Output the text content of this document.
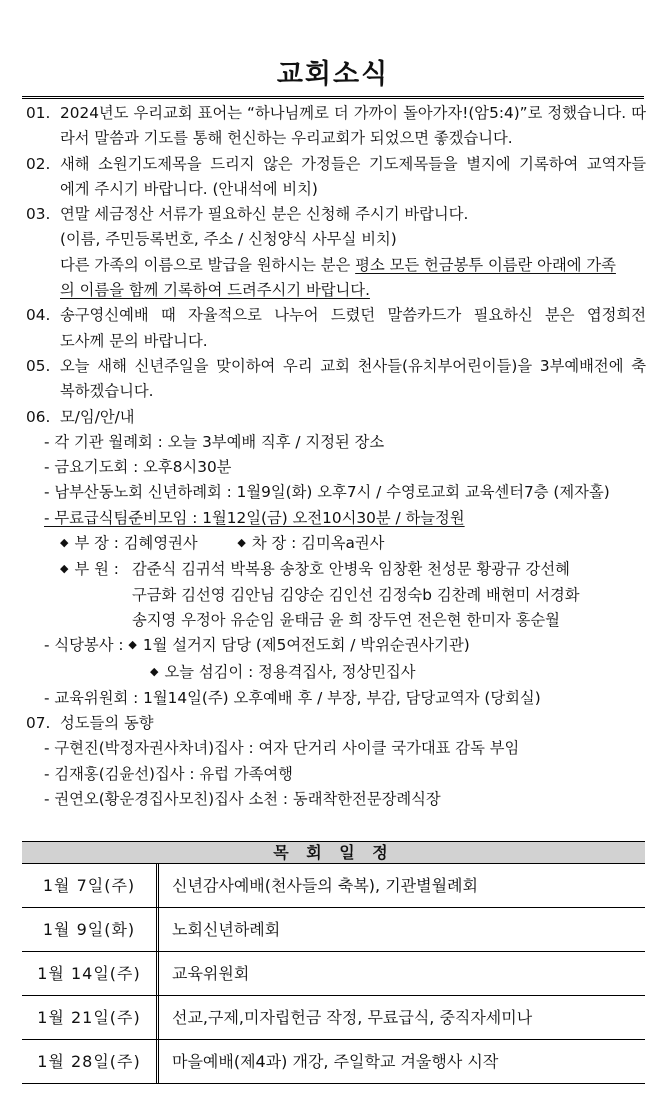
교회소식
01. 2024년도 우리교회 표어는 “하나님께로 더 가까이 돌아가자!(암5:4)”로 정했습니다. 따
라서 말씀과 기도를 통해 헌신하는 우리교회가 되었으면 좋겠습니다.
02. 새해 소원기도제목을 드리지 않은 가정들은 기도제목들을 별지에 기록하여 교역자들
에게 주시기 바랍니다. (안내석에 비치)
03. 연말 세금정산 서류가 필요하신 분은 신청해 주시기 바랍니다.
(이름, 주민등록번호, 주소 / 신청양식 사무실 비치)
다른 가족의 이름으로 발급을 원하시는 분은 평소 모든 헌금봉투 이름란 아래에 가족
의 이름을 함께 기록하여 드려주시기 바랍니다.
04. 송구영신예배 때 자율적으로 나누어 드렸던 말씀카드가 필요하신 분은 엽정희전
도사께 문의 바랍니다.
05. 오늘 새해 신년주일을 맞이하여 우리 교회 천사들(유치부어린이들)을 3부예배전에 축
복하겠습니다.
06. 모/임/안/내
- 각 기관 월례회 : 오늘 3부예배 직후 / 지정된 장소
- 금요기도회 : 오후8시30분
- 남부산동노회 신년하례회 : 1월9일(화) 오후7시 / 수영로교회 교육센터7층 (제자홀)
- 무료급식팀준비모임 : 1월12일(금) 오전10시30분 / 하늘정원
◆ 부 장 : 김혜영권사	◆ 차 장 : 김미옥a권사
◆ 부 원 : 감준식 김귀석 박복용 송창호 안병욱 임창환 천성문 황광규 강선혜
구금화 김선영 김안님 김양순 김인선 김정숙b 김찬례 배현미 서경화
송지영 우정아 유순임 윤태금 윤 희 장두연 전은현 한미자 홍순월
- 식당봉사 : ◆ 1월 설거지 담당 (제5여전도회 / 박위순권사기관)
◆ 오늘 섬김이 : 정용격집사, 정상민집사
- 교육위원회 : 1월14일(주) 오후예배 후 / 부장, 부감, 담당교역자 (당회실)
07. 성도들의 동향
- 구현진(박정자권사차녀)집사 : 여자 단거리 사이클 국가대표 감독 부임
- 김재홍(김윤선)집사 : 유럽 가족여행
- 권연오(황운경집사모친)집사 소천 : 동래착한전문장례식장
목 회 일 정
1월 7일(주)	신년감사예배(천사들의 축복), 기관별월례회
1월 9일(화)	노회신년하례회
1월 14일(주)	교육위원회
1월 21일(주)	선교,구제,미자립헌금 작정, 무료급식, 중직자세미나
1월 28일(주)	마을예배(제4과) 개강, 주일학교 겨울행사 시작
